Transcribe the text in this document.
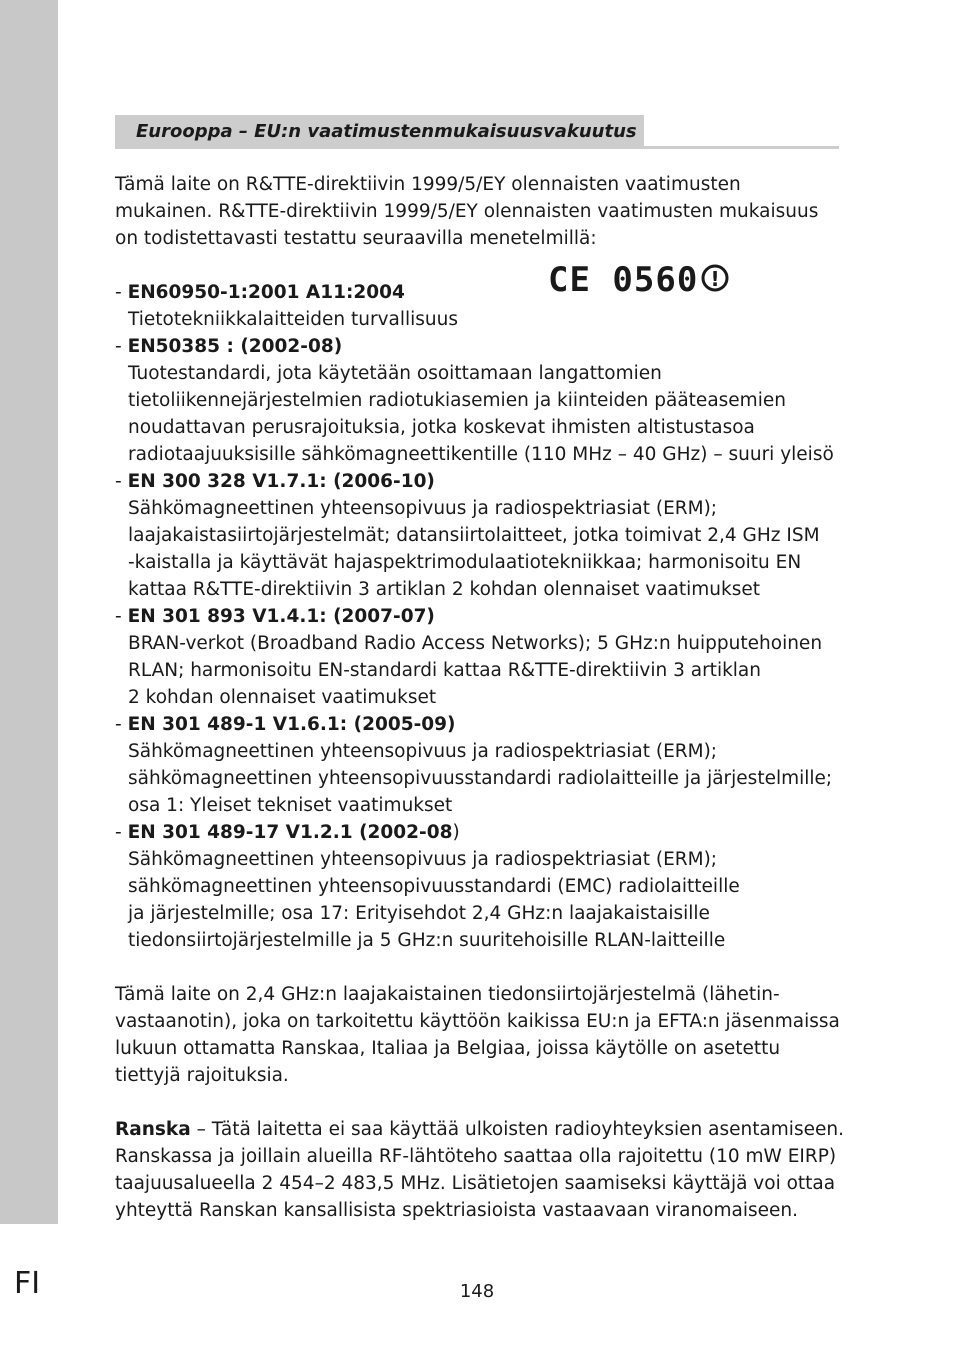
Eurooppa – EU:n vaatimustenmukaisuusvakuutus
CE 0560 !

Tämä laite on R&TTE-direktiivin 1999/5/EY olennaisten vaatimusten
mukainen. R&TTE-direktiivin 1999/5/EY olennaisten vaatimusten mukaisuus
on todistettavasti testattu seuraavilla menetelmillä:

- EN60950-1:2001 A11:2004
Tietotekniikkalaitteiden turvallisuus
- EN50385 : (2002-08)
Tuotestandardi, jota käytetään osoittamaan langattomien
tietoliikennejärjestelmien radiotukiasemien ja kiinteiden pääteasemien
noudattavan perusrajoituksia, jotka koskevat ihmisten altistustasoa
radiotaajuuksisille sähkömagneettikentille (110 MHz – 40 GHz) – suuri yleisö
- EN 300 328 V1.7.1: (2006-10)
Sähkömagneettinen yhteensopivuus ja radiospektriasiat (ERM);
laajakaistasiirtojärjestelmät; datansiirtolaitteet, jotka toimivat 2,4 GHz ISM
-kaistalla ja käyttävät hajaspektrimodulaatiotekniikkaa; harmonisoitu EN
kattaa R&TTE-direktiivin 3 artiklan 2 kohdan olennaiset vaatimukset
- EN 301 893 V1.4.1: (2007-07)
BRAN-verkot (Broadband Radio Access Networks); 5 GHz:n huipputehoinen
RLAN; harmonisoitu EN-standardi kattaa R&TTE-direktiivin 3 artiklan
2 kohdan olennaiset vaatimukset
- EN 301 489-1 V1.6.1: (2005-09)
Sähkömagneettinen yhteensopivuus ja radiospektriasiat (ERM);
sähkömagneettinen yhteensopivuusstandardi radiolaitteille ja järjestelmille;
osa 1: Yleiset tekniset vaatimukset
- EN 301 489-17 V1.2.1 (2002-08)
Sähkömagneettinen yhteensopivuus ja radiospektriasiat (ERM);
sähkömagneettinen yhteensopivuusstandardi (EMC) radiolaitteille
ja järjestelmille; osa 17: Erityisehdot 2,4 GHz:n laajakaistaisille
tiedonsiirtojärjestelmille ja 5 GHz:n suuritehoisille RLAN-laitteille

Tämä laite on 2,4 GHz:n laajakaistainen tiedonsiirtojärjestelmä (lähetin-
vastaanotin), joka on tarkoitettu käyttöön kaikissa EU:n ja EFTA:n jäsenmaissa
lukuun ottamatta Ranskaa, Italiaa ja Belgiaa, joissa käytölle on asetettu
tiettyjä rajoituksia.

Ranska – Tätä laitetta ei saa käyttää ulkoisten radioyhteyksien asentamiseen.
Ranskassa ja joillain alueilla RF-lähtöteho saattaa olla rajoitettu (10 mW EIRP)
taajuusalueella 2 454–2 483,5 MHz. Lisätietojen saamiseksi käyttäjä voi ottaa
yhteyttä Ranskan kansallisista spektriasioista vastaavaan viranomaiseen.

FI	148
